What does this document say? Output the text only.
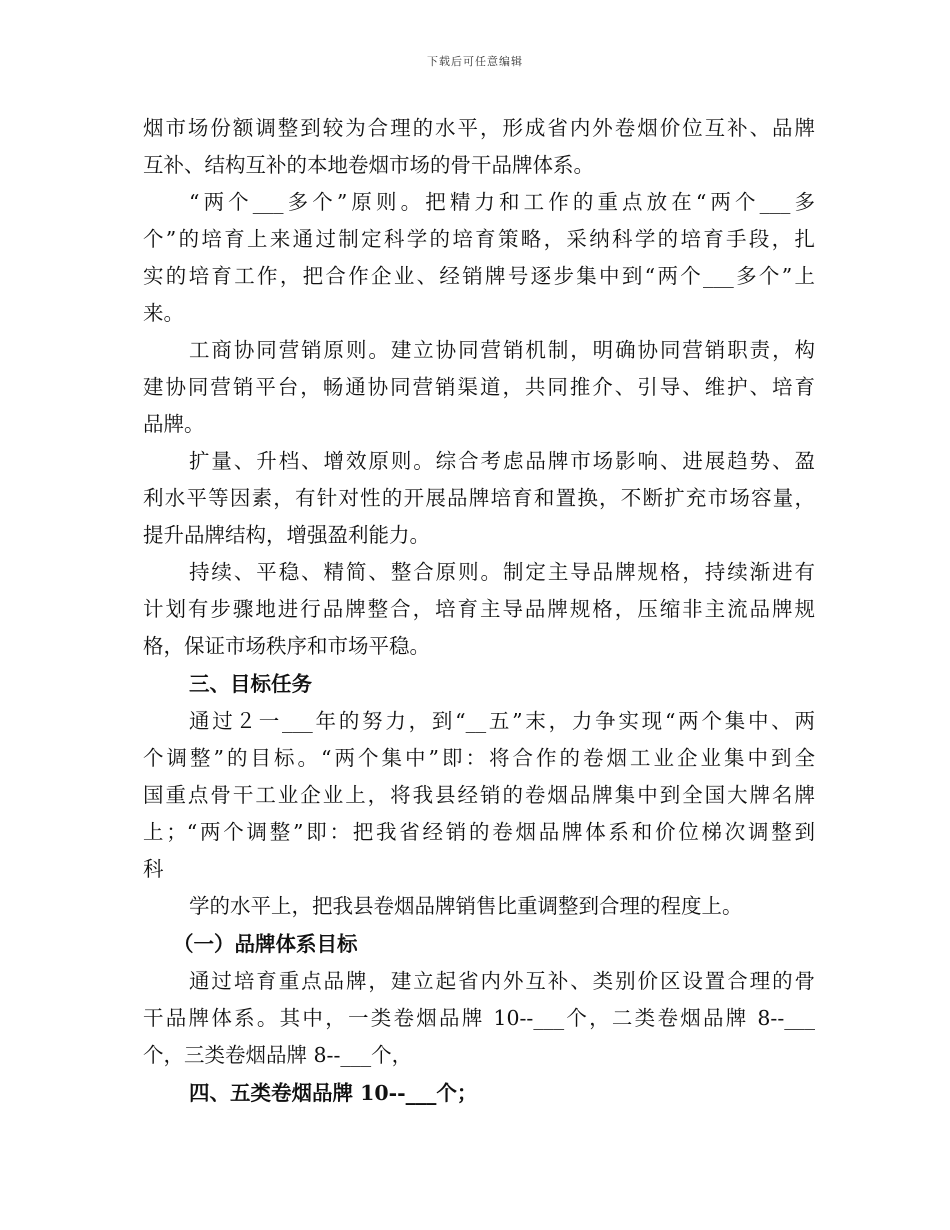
下载后可任意编辑
烟市场份额调整到较为合理的水平，形成省内外卷烟价位互补、品牌
互补、结构互补的本地卷烟市场的骨干品牌体系。
“两个___多个”原则。把精力和工作的重点放在“两个___多
个”的培育上来通过制定科学的培育策略，采纳科学的培育手段，扎
实的培育工作，把合作企业、经销牌号逐步集中到“两个___多个”上
来。
工商协同营销原则。建立协同营销机制，明确协同营销职责，构
建协同营销平台，畅通协同营销渠道，共同推介、引导、维护、培育
品牌。
扩量、升档、增效原则。综合考虑品牌市场影响、进展趋势、盈
利水平等因素，有针对性的开展品牌培育和置换，不断扩充市场容量，
提升品牌结构，增强盈利能力。
持续、平稳、精简、整合原则。制定主导品牌规格，持续渐进有
计划有步骤地进行品牌整合，培育主导品牌规格，压缩非主流品牌规
格，保证市场秩序和市场平稳。
三、目标任务
通过２一___年的努力，到“__五”末，力争实现“两个集中、两
个调整”的目标。“两个集中”即：将合作的卷烟工业企业集中到全
国重点骨干工业企业上，将我县经销的卷烟品牌集中到全国大牌名牌
上；“两个调整”即：把我省经销的卷烟品牌体系和价位梯次调整到
科
学的水平上，把我县卷烟品牌销售比重调整到合理的程度上。
（一）品牌体系目标
通过培育重点品牌，建立起省内外互补、类别价区设置合理的骨
干品牌体系。其中，一类卷烟品牌 10--___个，二类卷烟品牌 8--___
个，三类卷烟品牌 8--___个，
四、五类卷烟品牌 10--___个；
